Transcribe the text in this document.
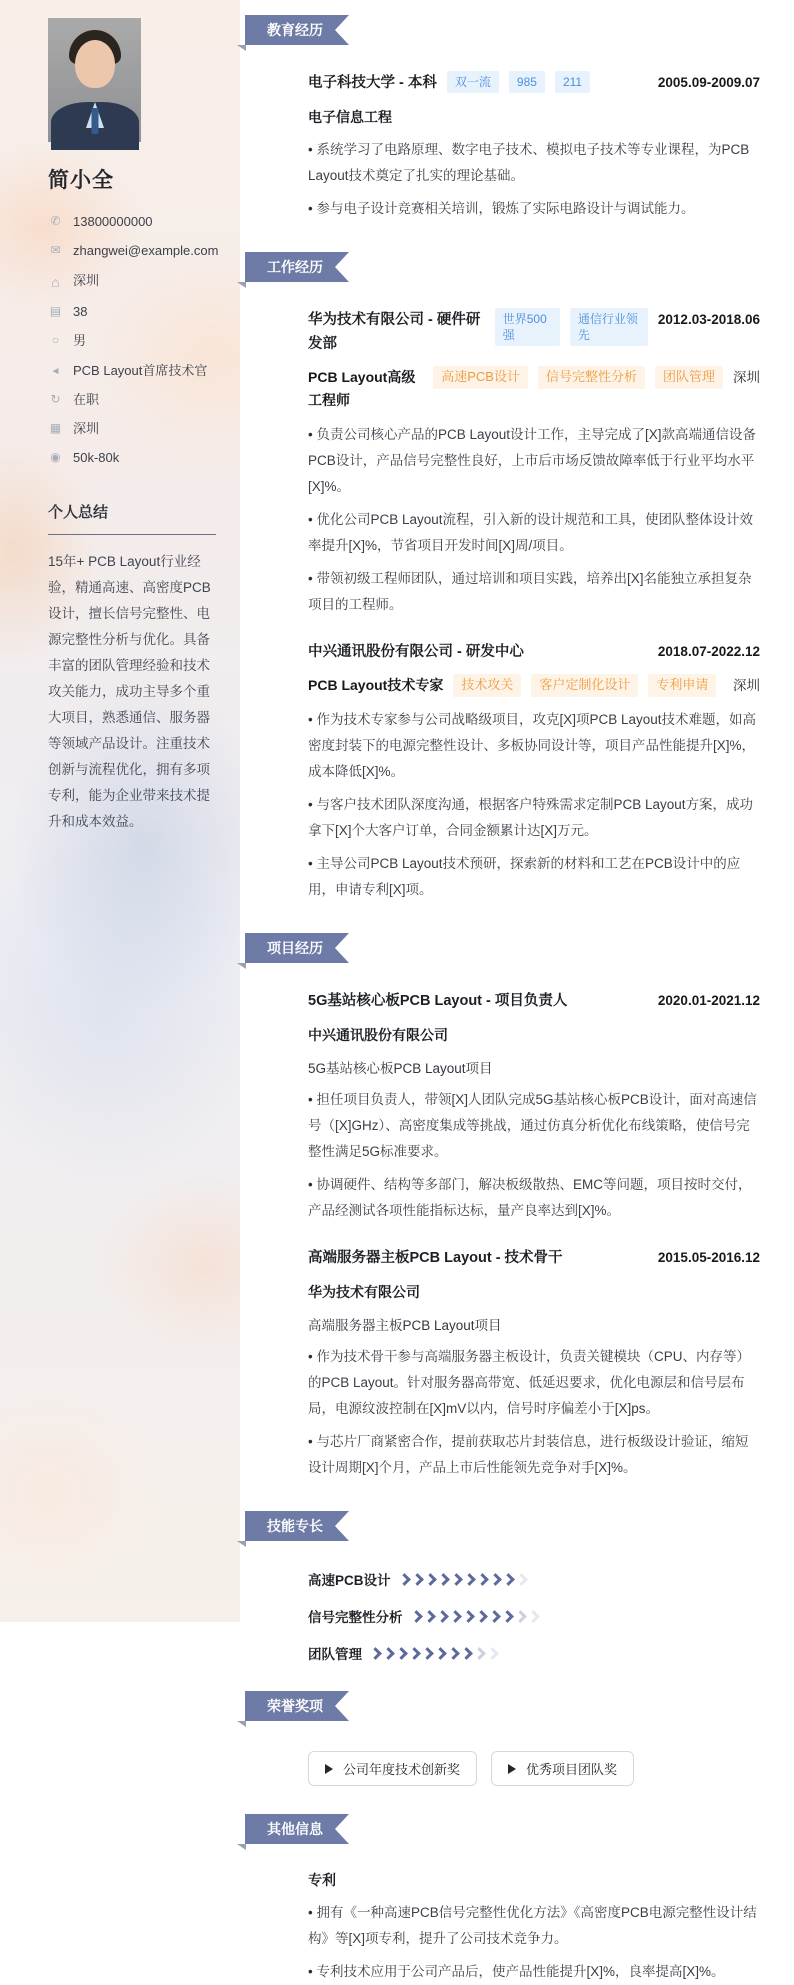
简小全
✆
13800000000
✉
zhangwei@example.com
⌂
深圳
▤
38
○
男
◄
PCB Layout首席技术官
↻
在职
▦
深圳
◉
50k-80k
个人总结
15年+ PCB Layout行业经验，精通高速、高密度PCB设计，擅长信号完整性、电源完整性分析与优化。具备丰富的团队管理经验和技术攻关能力，成功主导多个重大项目，熟悉通信、服务器等领域产品设计。注重技术创新与流程优化，拥有多项专利，能为企业带来技术提升和成本效益。
教育经历
电子科技大学 - 本科	双一流	985	211	2005.09-2009.07
电子信息工程
• 系统学习了电路原理、数字电子技术、模拟电子技术等专业课程，为PCB Layout技术奠定了扎实的理论基础。
• 参与电子设计竞赛相关培训，锻炼了实际电路设计与调试能力。
工作经历
华为技术有限公司 - 硬件研发部
世界500强
通信行业领先
2012.03-2018.06
PCB Layout高级工程师
高速PCB设计	信号完整性分析	团队管理	深圳
• 负责公司核心产品的PCB Layout设计工作，主导完成了[X]款高端通信设备PCB设计，产品信号完整性良好，上市后市场反馈故障率低于行业平均水平[X]%。
• 优化公司PCB Layout流程，引入新的设计规范和工具，使团队整体设计效率提升[X]%，节省项目开发时间[X]周/项目。
• 带领初级工程师团队，通过培训和项目实践，培养出[X]名能独立承担复杂项目的工程师。
中兴通讯股份有限公司 - 研发中心	2018.07-2022.12
PCB Layout技术专家	技术攻关	客户定制化设计	专利申请	深圳
• 作为技术专家参与公司战略级项目，攻克[X]项PCB Layout技术难题，如高密度封装下的电源完整性设计、多板协同设计等，项目产品性能提升[X]%，成本降低[X]%。
• 与客户技术团队深度沟通，根据客户特殊需求定制PCB Layout方案，成功拿下[X]个大客户订单，合同金额累计达[X]万元。
• 主导公司PCB Layout技术预研，探索新的材料和工艺在PCB设计中的应用，申请专利[X]项。
项目经历
5G基站核心板PCB Layout - 项目负责人	2020.01-2021.12
中兴通讯股份有限公司
5G基站核心板PCB Layout项目
• 担任项目负责人，带领[X]人团队完成5G基站核心板PCB设计，面对高速信号（[X]GHz）、高密度集成等挑战，通过仿真分析优化布线策略，使信号完整性满足5G标准要求。
• 协调硬件、结构等多部门，解决板级散热、EMC等问题，项目按时交付，产品经测试各项性能指标达标，量产良率达到[X]%。
高端服务器主板PCB Layout - 技术骨干	2015.05-2016.12
华为技术有限公司
高端服务器主板PCB Layout项目
• 作为技术骨干参与高端服务器主板设计，负责关键模块（CPU、内存等）的PCB Layout。针对服务器高带宽、低延迟要求，优化电源层和信号层布局，电源纹波控制在[X]mV以内，信号时序偏差小于[X]ps。
• 与芯片厂商紧密合作，提前获取芯片封装信息，进行板级设计验证，缩短设计周期[X]个月，产品上市后性能领先竞争对手[X]%。
技能专长
高速PCB设计
信号完整性分析
团队管理
荣誉奖项
公司年度技术创新奖	优秀项目团队奖
其他信息
专利
• 拥有《一种高速PCB信号完整性优化方法》《高密度PCB电源完整性设计结构》等[X]项专利，提升了公司技术竞争力。
• 专利技术应用于公司产品后，使产品性能提升[X]%，良率提高[X]%。
